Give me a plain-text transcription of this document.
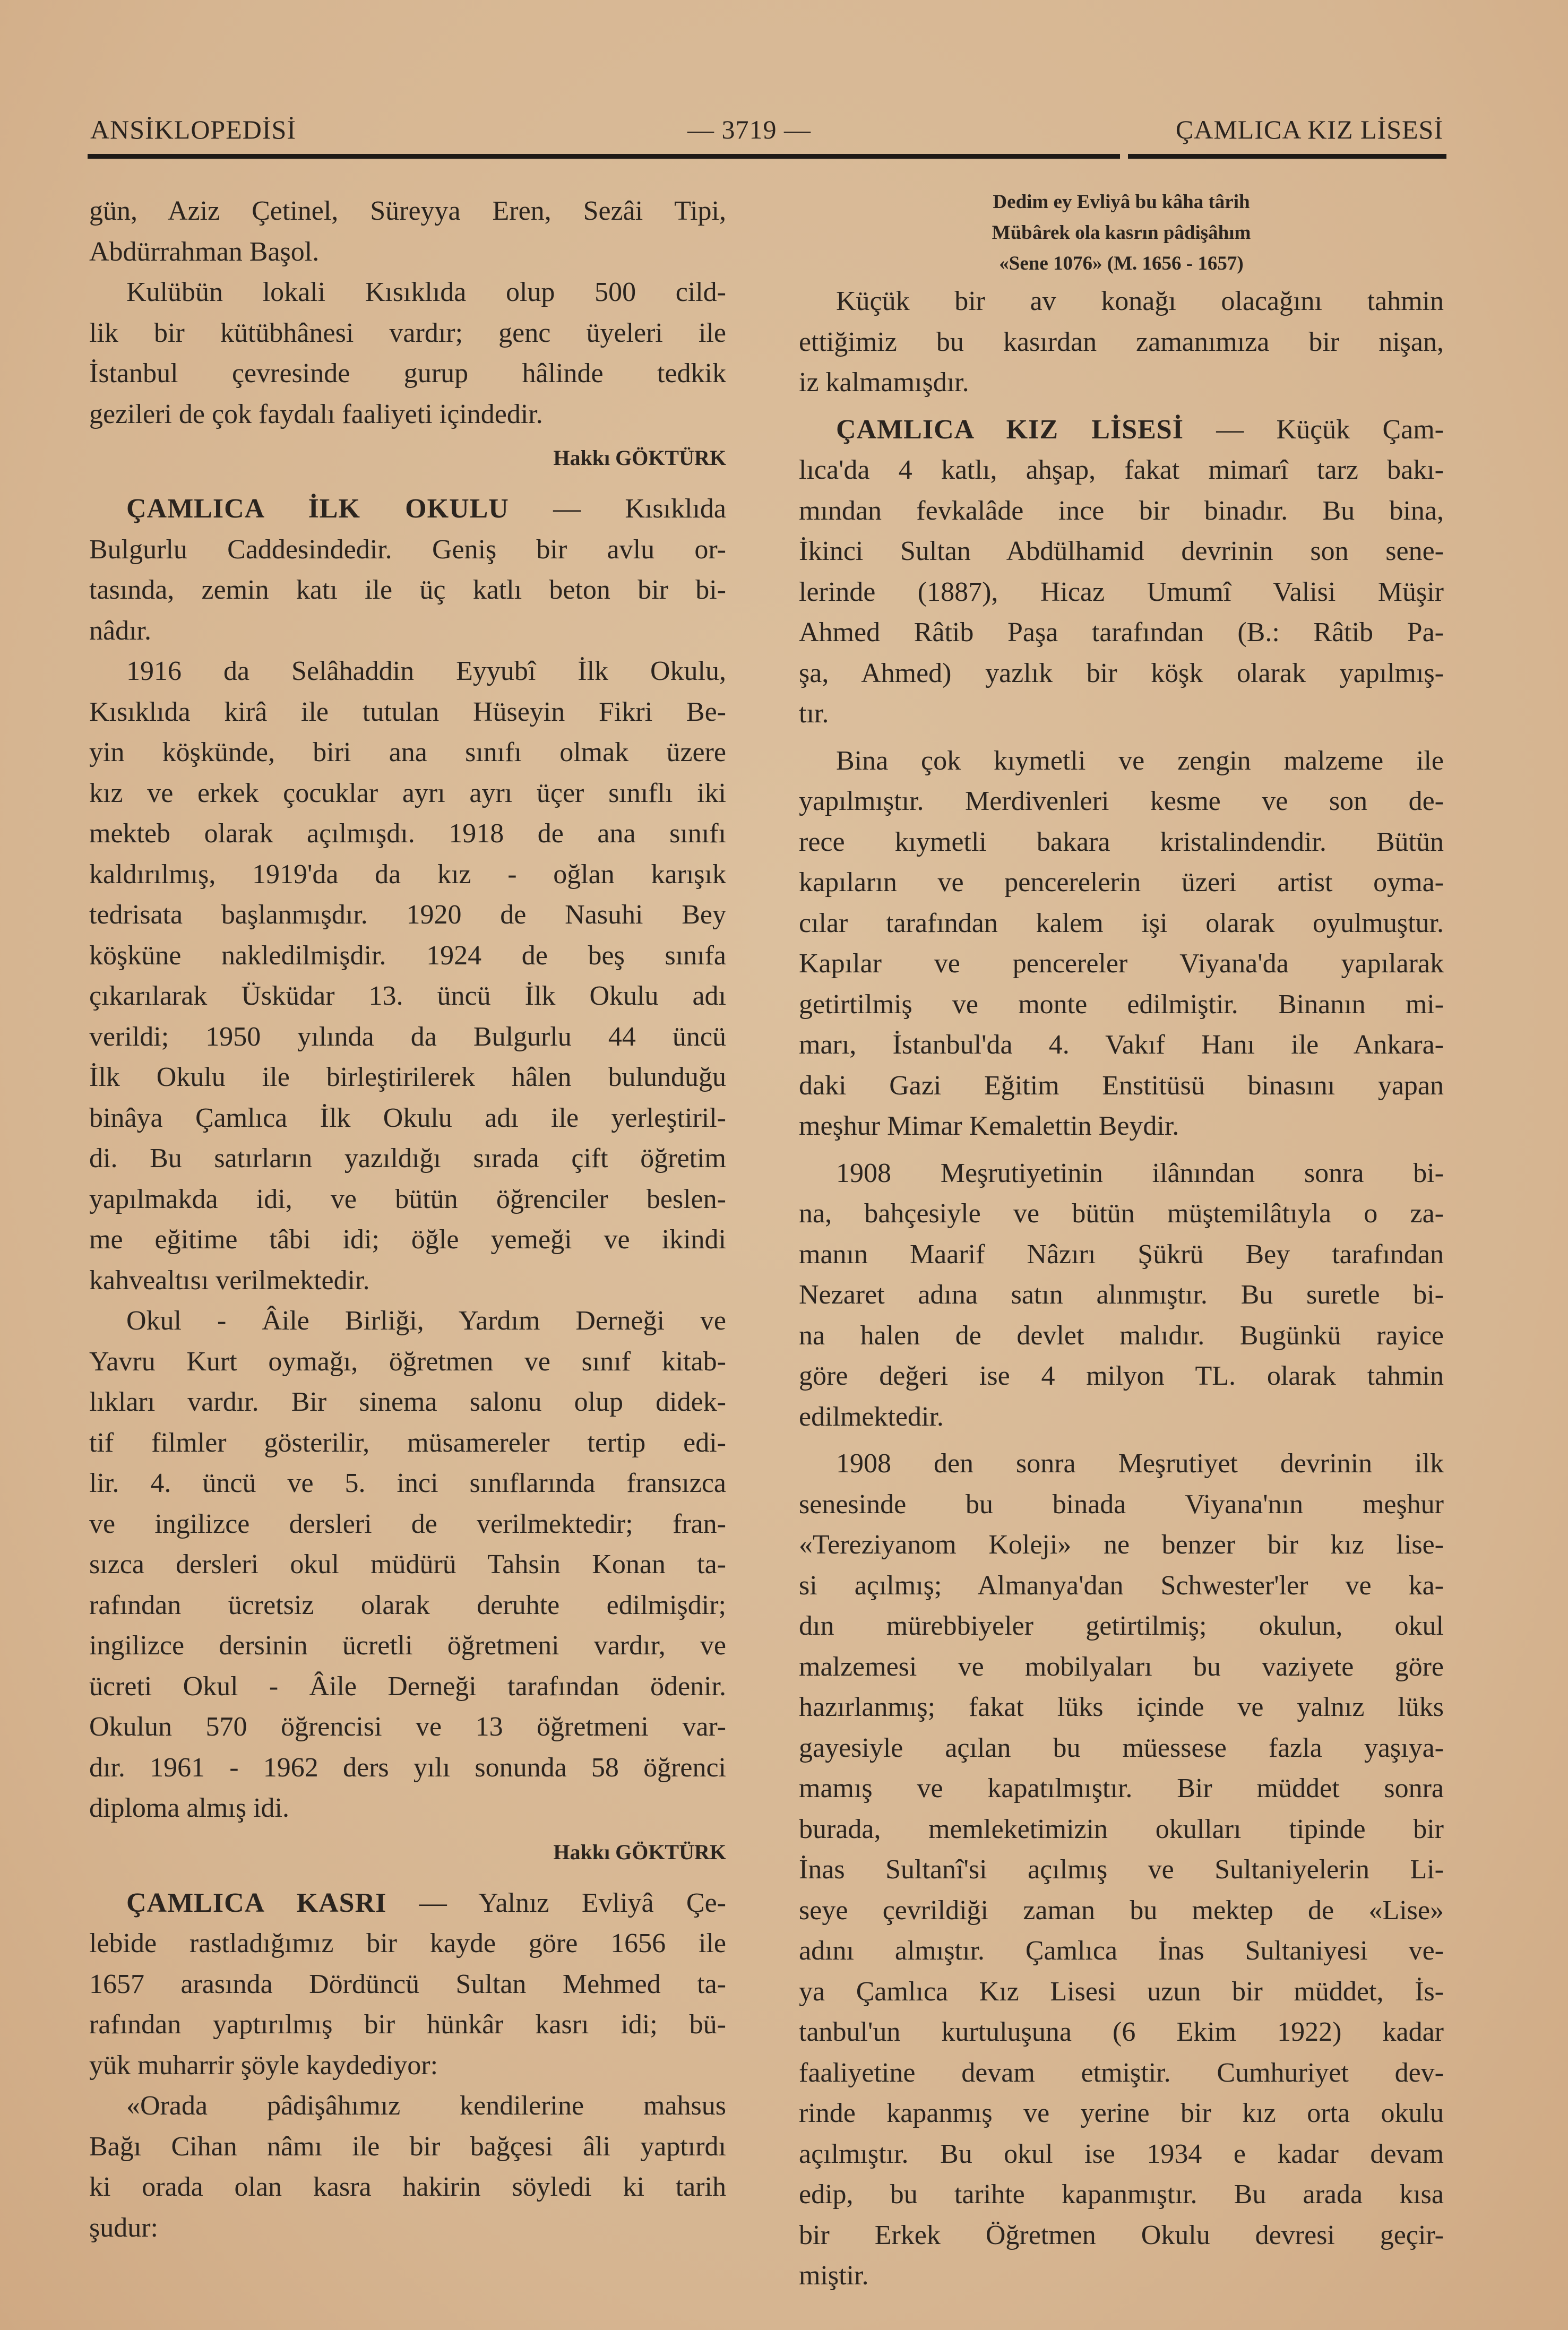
ANSİKLOPEDİSİ	— 3719 —	ÇAMLICA KIZ LİSESİ
gün, Aziz Çetinel, Süreyya Eren, Sezâi Tipi,
Abdürrahman Başol.
Kulübün lokali Kısıklıda olup 500 cild-
lik bir kütübhânesi vardır; genc üyeleri ile
İstanbul çevresinde gurup hâlinde tedkik
gezileri de çok faydalı faaliyeti içindedir.
Hakkı GÖKTÜRK
ÇAMLICA İLK OKULU — Kısıklıda
Bulgurlu Caddesindedir. Geniş bir avlu or-
tasında, zemin katı ile üç katlı beton bir bi-
nâdır.
1916 da Selâhaddin Eyyubî İlk Okulu,
Kısıklıda kirâ ile tutulan Hüseyin Fikri Be-
yin köşkünde, biri ana sınıfı olmak üzere
kız ve erkek çocuklar ayrı ayrı üçer sınıflı iki
mekteb olarak açılmışdı. 1918 de ana sınıfı
kaldırılmış, 1919'da da kız - oğlan karışık
tedrisata başlanmışdır. 1920 de Nasuhi Bey
köşküne nakledilmişdir. 1924 de beş sınıfa
çıkarılarak Üsküdar 13. üncü İlk Okulu adı
verildi; 1950 yılında da Bulgurlu 44 üncü
İlk Okulu ile birleştirilerek hâlen bulunduğu
binâya Çamlıca İlk Okulu adı ile yerleştiril-
di. Bu satırların yazıldığı sırada çift öğretim
yapılmakda idi, ve bütün öğrenciler beslen-
me eğitime tâbi idi; öğle yemeği ve ikindi
kahvealtısı verilmektedir.
Okul - Âile Birliği, Yardım Derneği ve
Yavru Kurt oymağı, öğretmen ve sınıf kitab-
lıkları vardır. Bir sinema salonu olup didek-
tif filmler gösterilir, müsamereler tertip edi-
lir. 4. üncü ve 5. inci sınıflarında fransızca
ve ingilizce dersleri de verilmektedir; fran-
sızca dersleri okul müdürü Tahsin Konan ta-
rafından ücretsiz olarak deruhte edilmişdir;
ingilizce dersinin ücretli öğretmeni vardır, ve
ücreti Okul - Âile Derneği tarafından ödenir.
Okulun 570 öğrencisi ve 13 öğretmeni var-
dır. 1961 - 1962 ders yılı sonunda 58 öğrenci
diploma almış idi.
Hakkı GÖKTÜRK
ÇAMLICA KASRI — Yalnız Evliyâ Çe-
lebide rastladığımız bir kayde göre 1656 ile
1657 arasında Dördüncü Sultan Mehmed ta-
rafından yaptırılmış bir hünkâr kasrı idi; bü-
yük muharrir şöyle kaydediyor:
«Orada pâdişâhımız kendilerine mahsus
Bağı Cihan nâmı ile bir bağçesi âli yaptırdı
ki orada olan kasra hakirin söyledi ki tarih
şudur:
Dedim ey Evliyâ bu kâha târih
Mübârek ola kasrın pâdişâhım
«Sene 1076» (M. 1656 - 1657)
Küçük bir av konağı olacağını tahmin
ettiğimiz bu kasırdan zamanımıza bir nişan,
iz kalmamışdır.
ÇAMLICA KIZ LİSESİ — Küçük Çam-
lıca'da 4 katlı, ahşap, fakat mimarî tarz bakı-
mından fevkalâde ince bir binadır. Bu bina,
İkinci Sultan Abdülhamid devrinin son sene-
lerinde (1887), Hicaz Umumî Valisi Müşir
Ahmed Râtib Paşa tarafından (B.: Râtib Pa-
şa, Ahmed) yazlık bir köşk olarak yapılmış-
tır.
Bina çok kıymetli ve zengin malzeme ile
yapılmıştır. Merdivenleri kesme ve son de-
rece kıymetli bakara kristalindendir. Bütün
kapıların ve pencerelerin üzeri artist oyma-
cılar tarafından kalem işi olarak oyulmuştur.
Kapılar ve pencereler Viyana'da yapılarak
getirtilmiş ve monte edilmiştir. Binanın mi-
marı, İstanbul'da 4. Vakıf Hanı ile Ankara-
daki Gazi Eğitim Enstitüsü binasını yapan
meşhur Mimar Kemalettin Beydir.
1908 Meşrutiyetinin ilânından sonra bi-
na, bahçesiyle ve bütün müştemilâtıyla o za-
manın Maarif Nâzırı Şükrü Bey tarafından
Nezaret adına satın alınmıştır. Bu suretle bi-
na halen de devlet malıdır. Bugünkü rayice
göre değeri ise 4 milyon TL. olarak tahmin
edilmektedir.
1908 den sonra Meşrutiyet devrinin ilk
senesinde bu binada Viyana'nın meşhur
«Tereziyanom Koleji» ne benzer bir kız lise-
si açılmış; Almanya'dan Schwester'ler ve ka-
dın mürebbiyeler getirtilmiş; okulun, okul
malzemesi ve mobilyaları bu vaziyete göre
hazırlanmış; fakat lüks içinde ve yalnız lüks
gayesiyle açılan bu müessese fazla yaşıya-
mamış ve kapatılmıştır. Bir müddet sonra
burada, memleketimizin okulları tipinde bir
İnas Sultanî'si açılmış ve Sultaniyelerin Li-
seye çevrildiği zaman bu mektep de «Lise»
adını almıştır. Çamlıca İnas Sultaniyesi ve-
ya Çamlıca Kız Lisesi uzun bir müddet, İs-
tanbul'un kurtuluşuna (6 Ekim 1922) kadar
faaliyetine devam etmiştir. Cumhuriyet dev-
rinde kapanmış ve yerine bir kız orta okulu
açılmıştır. Bu okul ise 1934 e kadar devam
edip, bu tarihte kapanmıştır. Bu arada kısa
bir Erkek Öğretmen Okulu devresi geçir-
miştir.
